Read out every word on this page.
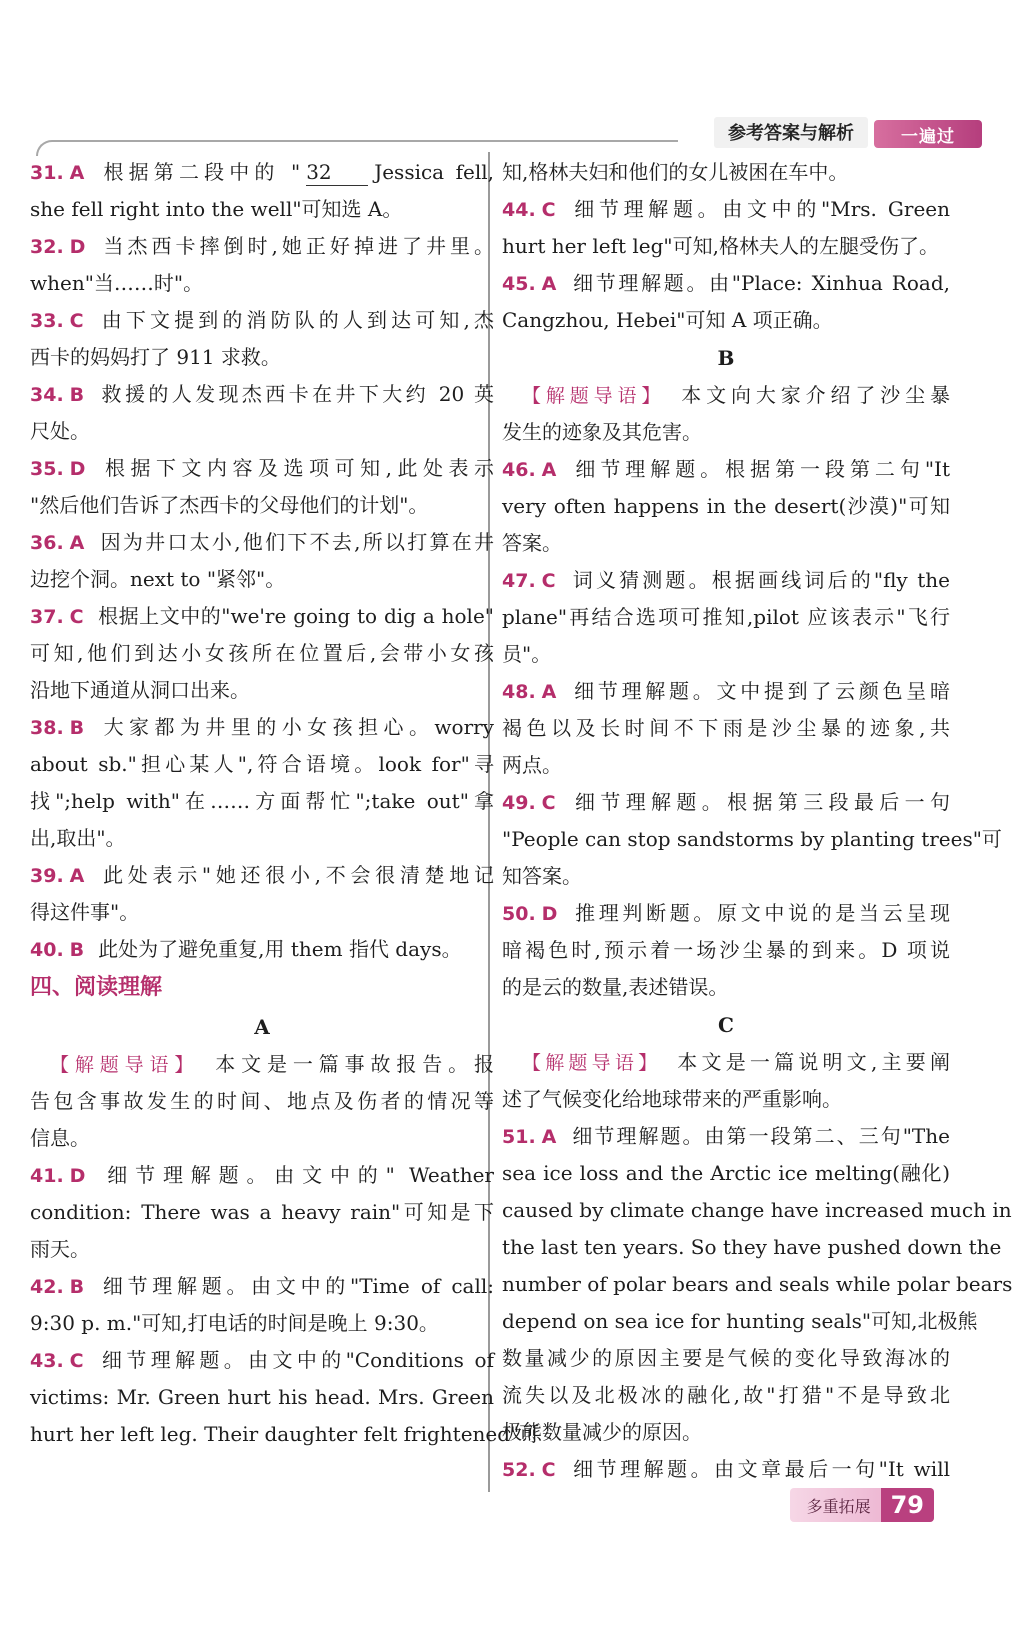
参考答案与解析	一遍过
31. A 根据第二段中的 " 32 Jessica fell,
she fell right into the well"可知选 A。
32. D 当杰西卡摔倒时,她正好掉进了井里。
when"当……时"。
33. C 由下文提到的消防队的人到达可知,杰
西卡的妈妈打了 911 求救。
34. B 救援的人发现杰西卡在井下大约 20 英
尺处。
35. D 根据下文内容及选项可知,此处表示
"然后他们告诉了杰西卡的父母他们的计划"。
36. A 因为井口太小,他们下不去,所以打算在井
边挖个洞。next to "紧邻"。
37. C 根据上文中的"we're going to dig a hole"
可知,他们到达小女孩所在位置后,会带小女孩
沿地下通道从洞口出来。
38. B 大家都为井里的小女孩担心。worry
about sb."担心某人",符合语境。look for"寻
找";help with"在……方面帮忙";take out"拿
出,取出"。
39. A 此处表示"她还很小,不会很清楚地记
得这件事"。
40. B 此处为了避免重复,用 them 指代 days。
四、阅读理解
A
【解题导语】 本文是一篇事故报告。报
告包含事故发生的时间、地点及伤者的情况等
信息。
41. D 细节理解题。由文中的" Weather
condition: There was a heavy rain"可知是下
雨天。
42. B 细节理解题。由文中的"Time of call:
9:30 p. m."可知,打电话的时间是晚上 9:30。
43. C 细节理解题。由文中的"Conditions of
victims: Mr. Green hurt his head. Mrs. Green
hurt her left leg. Their daughter felt frightened"可
知,格林夫妇和他们的女儿被困在车中。
44. C 细节理解题。由文中的"Mrs. Green
hurt her left leg"可知,格林夫人的左腿受伤了。
45. A 细节理解题。由"Place: Xinhua Road,
Cangzhou, Hebei"可知 A 项正确。
B
【解题导语】 本文向大家介绍了沙尘暴
发生的迹象及其危害。
46. A 细节理解题。根据第一段第二句"It
very often happens in the desert(沙漠)"可知
答案。
47. C 词义猜测题。根据画线词后的"fly the
plane"再结合选项可推知,pilot 应该表示"飞行
员"。
48. A 细节理解题。文中提到了云颜色呈暗
褐色以及长时间不下雨是沙尘暴的迹象,共
两点。
49. C 细节理解题。根据第三段最后一句
"People can stop sandstorms by planting trees"可
知答案。
50. D 推理判断题。原文中说的是当云呈现
暗褐色时,预示着一场沙尘暴的到来。D 项说
的是云的数量,表述错误。
C
【解题导语】 本文是一篇说明文,主要阐
述了气候变化给地球带来的严重影响。
51. A 细节理解题。由第一段第二、三句"The
sea ice loss and the Arctic ice melting(融化)
caused by climate change have increased much in
the last ten years. So they have pushed down the
number of polar bears and seals while polar bears
depend on sea ice for hunting seals"可知,北极熊
数量减少的原因主要是气候的变化导致海冰的
流失以及北极冰的融化,故"打猎"不是导致北
极熊数量减少的原因。
52. C 细节理解题。由文章最后一句"It will
多重拓展 79
